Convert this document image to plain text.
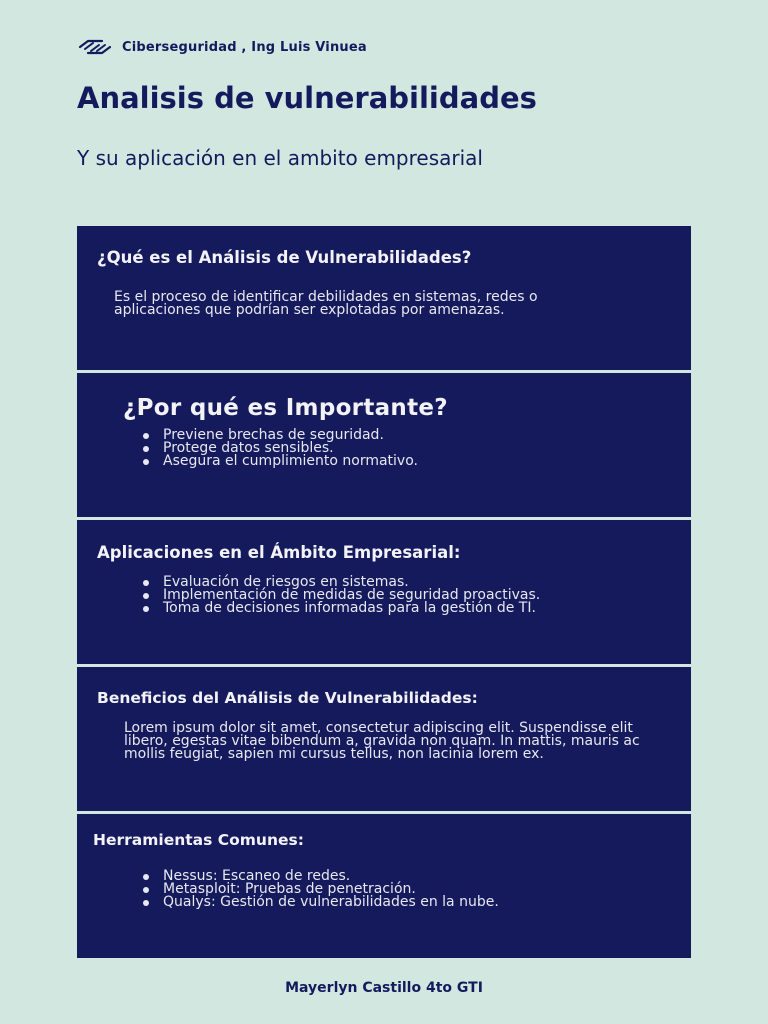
Ciberseguridad , Ing Luis Vinuea
Analisis de vulnerabilidades

Y su aplicación en el ambito empresarial

¿Qué es el Análisis de Vulnerabilidades?

Es el proceso de identificar debilidades en sistemas, redes o aplicaciones que podrían ser explotadas por amenazas.

¿Por qué es Importante?
Previene brechas de seguridad.
Protege datos sensibles.
Asegura el cumplimiento normativo.
Aplicaciones en el Ámbito Empresarial:
Evaluación de riesgos en sistemas.
Implementación de medidas de seguridad proactivas.
Toma de decisiones informadas para la gestión de TI.
Beneficios del Análisis de Vulnerabilidades:

Lorem ipsum dolor sit amet, consectetur adipiscing elit. Suspendisse elit libero, egestas vitae bibendum a, gravida non quam. In mattis, mauris ac mollis feugiat, sapien mi cursus tellus, non lacinia lorem ex.

Herramientas Comunes:
Nessus: Escaneo de redes.
Metasploit: Pruebas de penetración.
Qualys: Gestión de vulnerabilidades en la nube.
Mayerlyn Castillo 4to GTI
